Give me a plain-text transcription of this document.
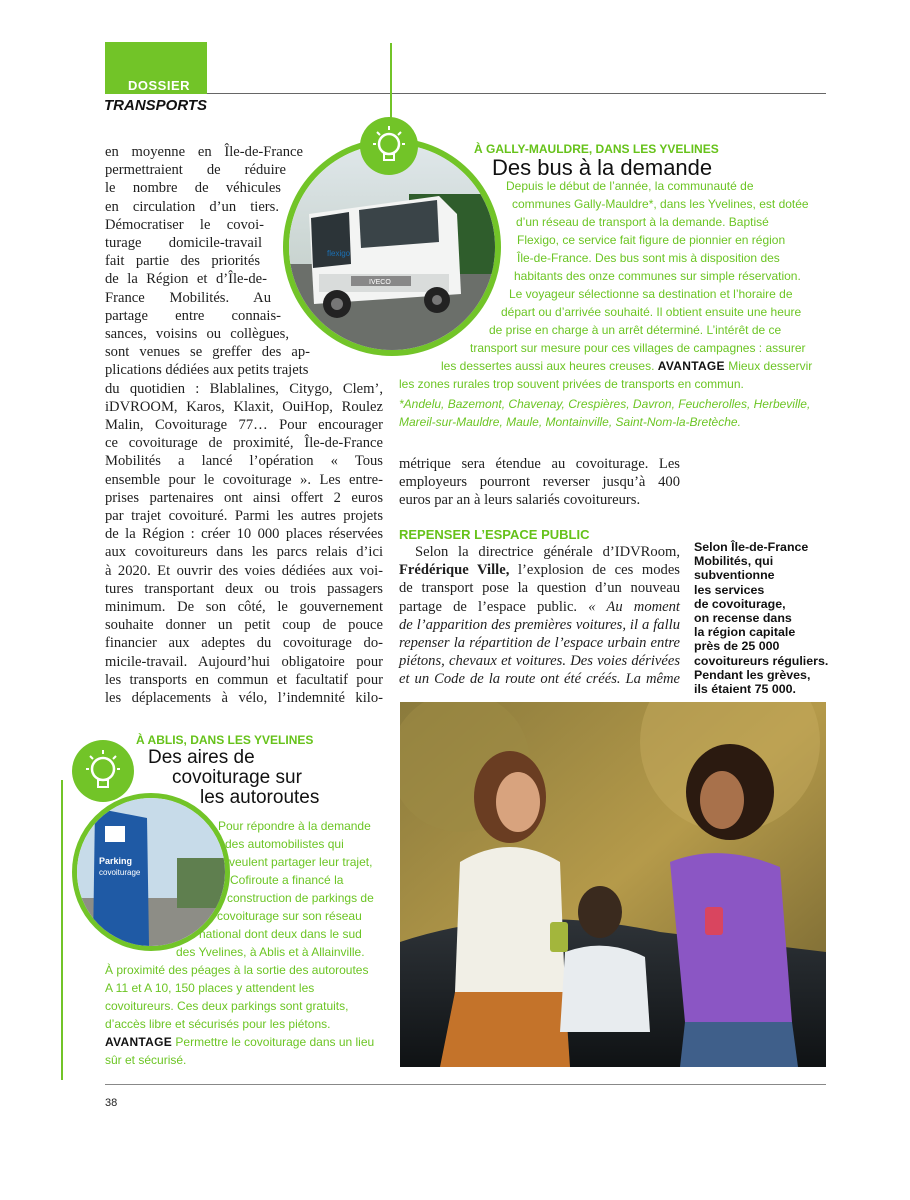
DOSSIER
TRANSPORTS
en moyenne en Île-de-France
permettraient de réduire
le nombre de véhicules
en circulation d’un tiers.
Démocratiser le covoi-
turage domicile-travail
fait partie des priorités
de la Région et d’Île-de-
France Mobilités. Au
partage entre connais-
sances, voisins ou collègues,
sont venues se greffer des ap-
plications dédiées aux petits trajets
du quotidien : Blablalines, Citygo, Clem’,
iDVROOM, Karos, Klaxit, OuiHop, Roulez
Malin, Covoiturage 77… Pour encourager
ce covoiturage de proximité, Île-de-France
Mobilités a lancé l’opération « Tous
ensemble pour le covoiturage ». Les entre-
prises partenaires ont ainsi offert 2 euros
par trajet covoituré. Parmi les autres projets
de la Région : créer 10 000 places réservées
aux covoitureurs dans les parcs relais d’ici
à 2020. Et ouvrir des voies dédiées aux voi-
tures transportant deux ou trois passagers
minimum. De son côté, le gouvernement
souhaite donner un petit coup de pouce
financier aux adeptes du covoiturage do-
micile-travail. Aujourd’hui obligatoire pour
les transports en commun et facultatif pour
les déplacements à vélo, l’indemnité kilo-
IVECO
flexigo
À GALLY-MAULDRE, DANS LES YVELINES
Des bus à la demande
Depuis le début de l’année, la communauté de
communes Gally-Mauldre*, dans les Yvelines, est dotée
d’un réseau de transport à la demande. Baptisé
Flexigo, ce service fait figure de pionnier en région
Île-de-France. Des bus sont mis à disposition des
habitants des onze communes sur simple réservation.
Le voyageur sélectionne sa destination et l’horaire de
départ ou d’arrivée souhaité. Il obtient ensuite une heure
de prise en charge à un arrêt déterminé. L’intérêt de ce
transport sur mesure pour ces villages de campagnes : assurer
les dessertes aussi aux heures creuses. AVANTAGE Mieux desservir
les zones rurales trop souvent privées de transports en commun.
*Andelu, Bazemont, Chavenay, Crespières, Davron, Feucherolles, Herbeville,
Mareil-sur-Mauldre, Maule, Montainville, Saint-Nom-la-Bretèche.
métrique sera étendue au covoiturage. Les
employeurs pourront reverser jusqu’à 400
euros par an à leurs salariés covoitureurs.
REPENSER L’ESPACE PUBLIC
Selon la directrice générale d’IDVRoom,
Frédérique Ville, l’explosion de ces modes
de transport pose la question d’un nouveau
partage de l’espace public. « Au moment
de l’apparition des premières voitures, il a fallu
repenser la répartition de l’espace urbain entre
piétons, chevaux et voitures. Des voies dérivées
et un Code de la route ont été créés. La même
Selon Île-de-France
Mobilités, qui
subventionne
les services
de covoiturage,
on recense dans
la région capitale
près de 25 000
covoitureurs réguliers.
Pendant les grèves,
ils étaient 75 000.
Parking
covoiturage
À ABLIS, DANS LES YVELINES
Des aires de
covoiturage sur
les autoroutes
Pour répondre à la demande
des automobilistes qui
veulent partager leur trajet,
Cofiroute a financé la
construction de parkings de
covoiturage sur son réseau
national dont deux dans le sud
des Yvelines, à Ablis et à Allainville.
À proximité des péages à la sortie des autoroutes
A 11 et A 10, 150 places y attendent les
covoitureurs. Ces deux parkings sont gratuits,
d’accès libre et sécurisés pour les piétons.
AVANTAGE Permettre le covoiturage dans un lieu
sûr et sécurisé.
38
